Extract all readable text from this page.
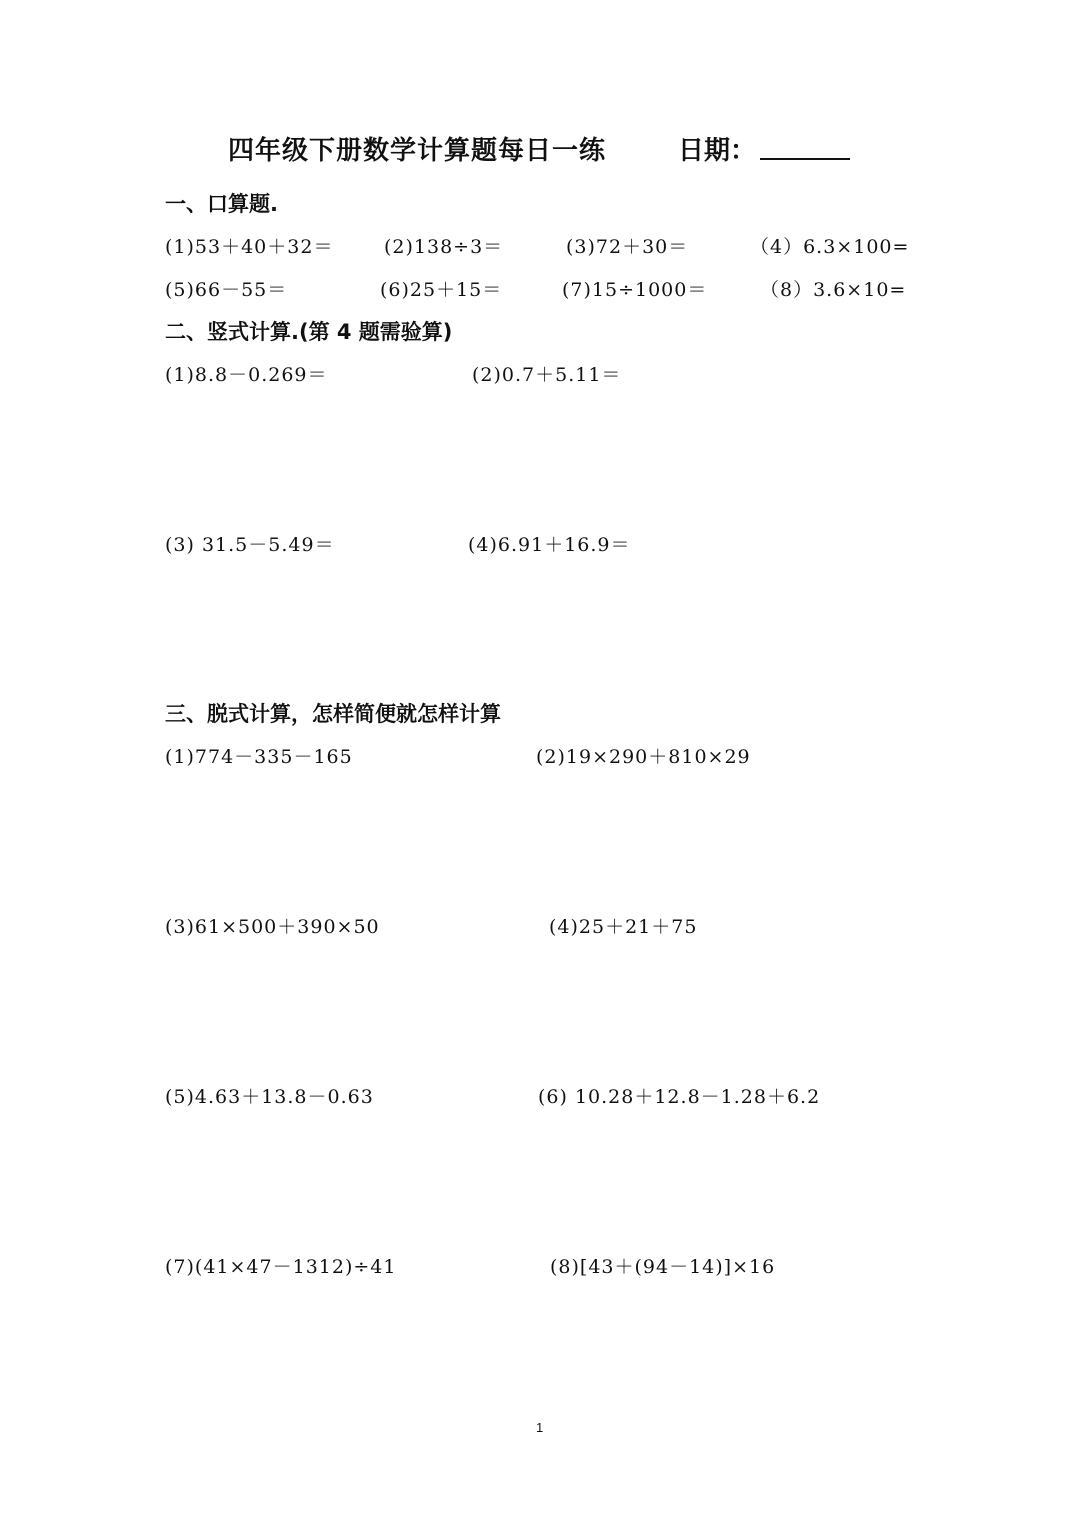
四年级下册数学计算题每日一练	日期：
一、口算题.
(1)53＋40＋32＝	(2)138÷3＝	(3)72＋30＝	（4）6.3×100=
(5)66－55＝	(6)25＋15＝	(7)15÷1000＝	（8）3.6×10=
二、竖式计算.(第 4 题需验算)
(1)8.8－0.269＝	(2)0.7＋5.11＝
(3) 31.5－5.49＝	(4)6.91＋16.9＝
三、脱式计算，怎样简便就怎样计算
(1)774－335－165	(2)19×290＋810×29
(3)61×500＋390×50	(4)25＋21＋75
(5)4.63＋13.8－0.63	(6) 10.28＋12.8－1.28＋6.2
(7)(41×47－1312)÷41	(8)[43＋(94－14)]×16
1
